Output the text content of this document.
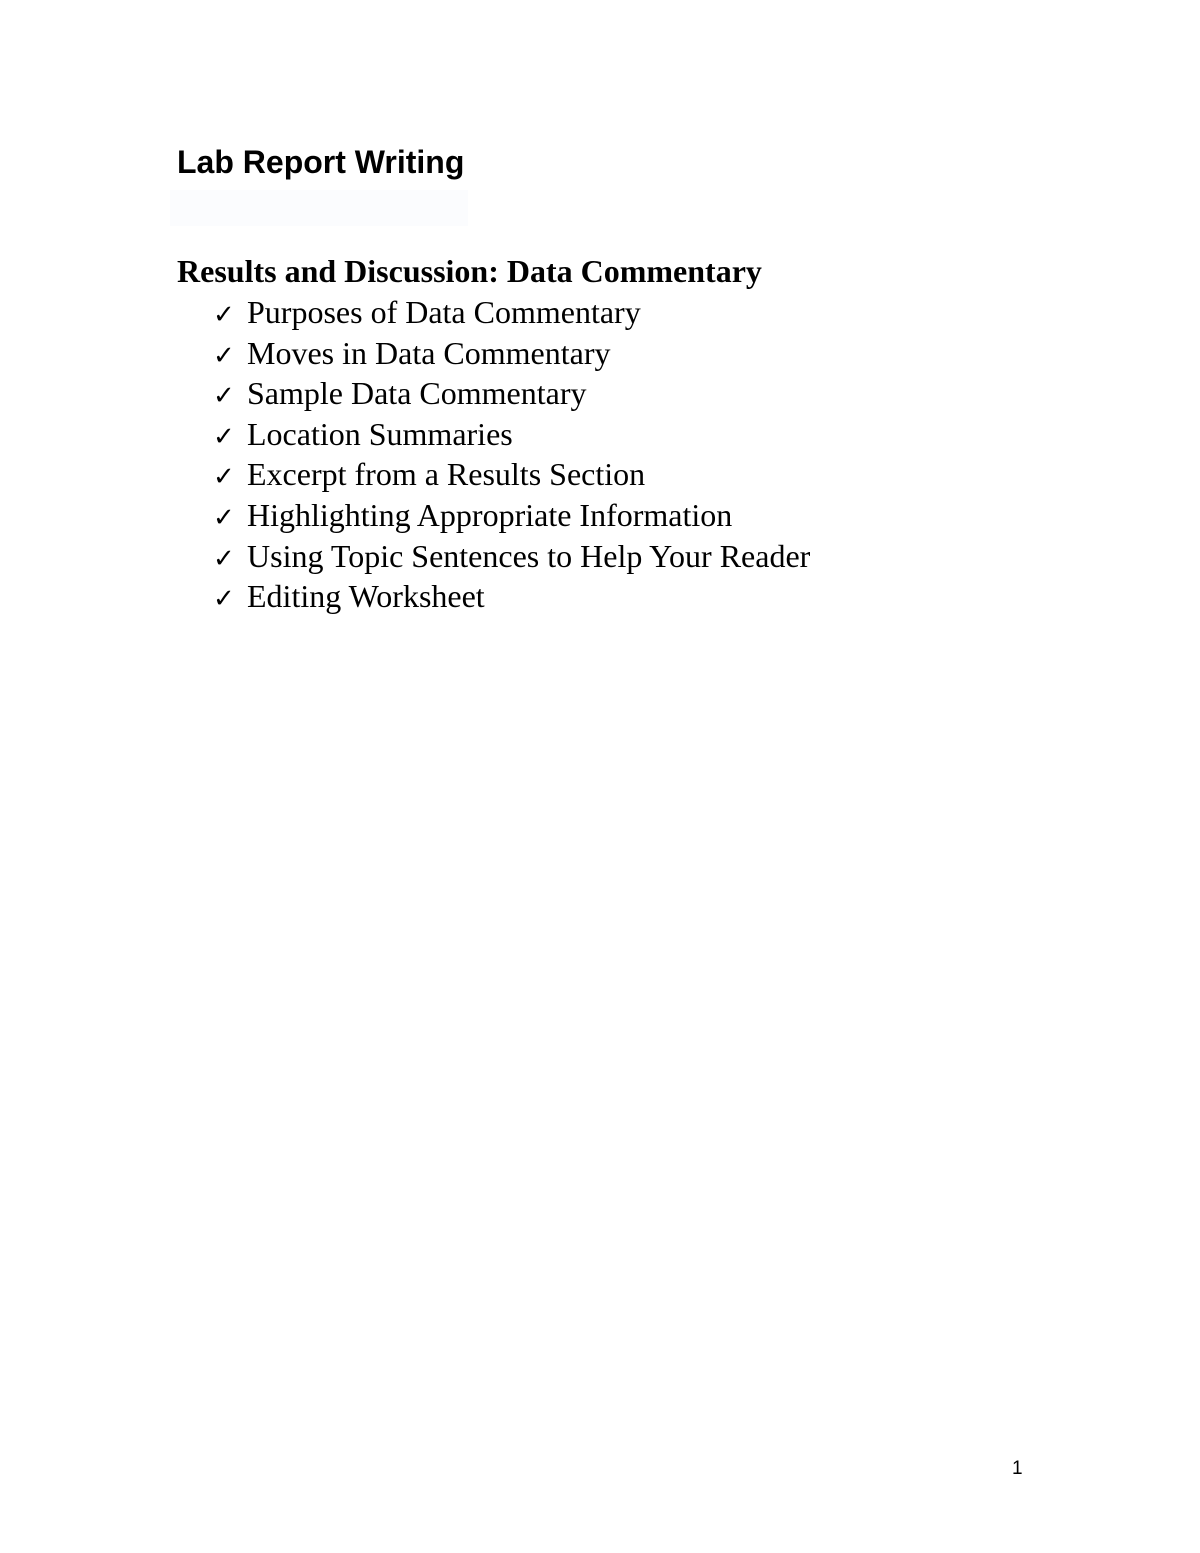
Lab Report Writing
Results and Discussion: Data Commentary
✓ Purposes of Data Commentary
✓ Moves in Data Commentary
✓ Sample Data Commentary
✓ Location Summaries
✓ Excerpt from a Results Section
✓ Highlighting Appropriate Information
✓ Using Topic Sentences to Help Your Reader
✓ Editing Worksheet
1
